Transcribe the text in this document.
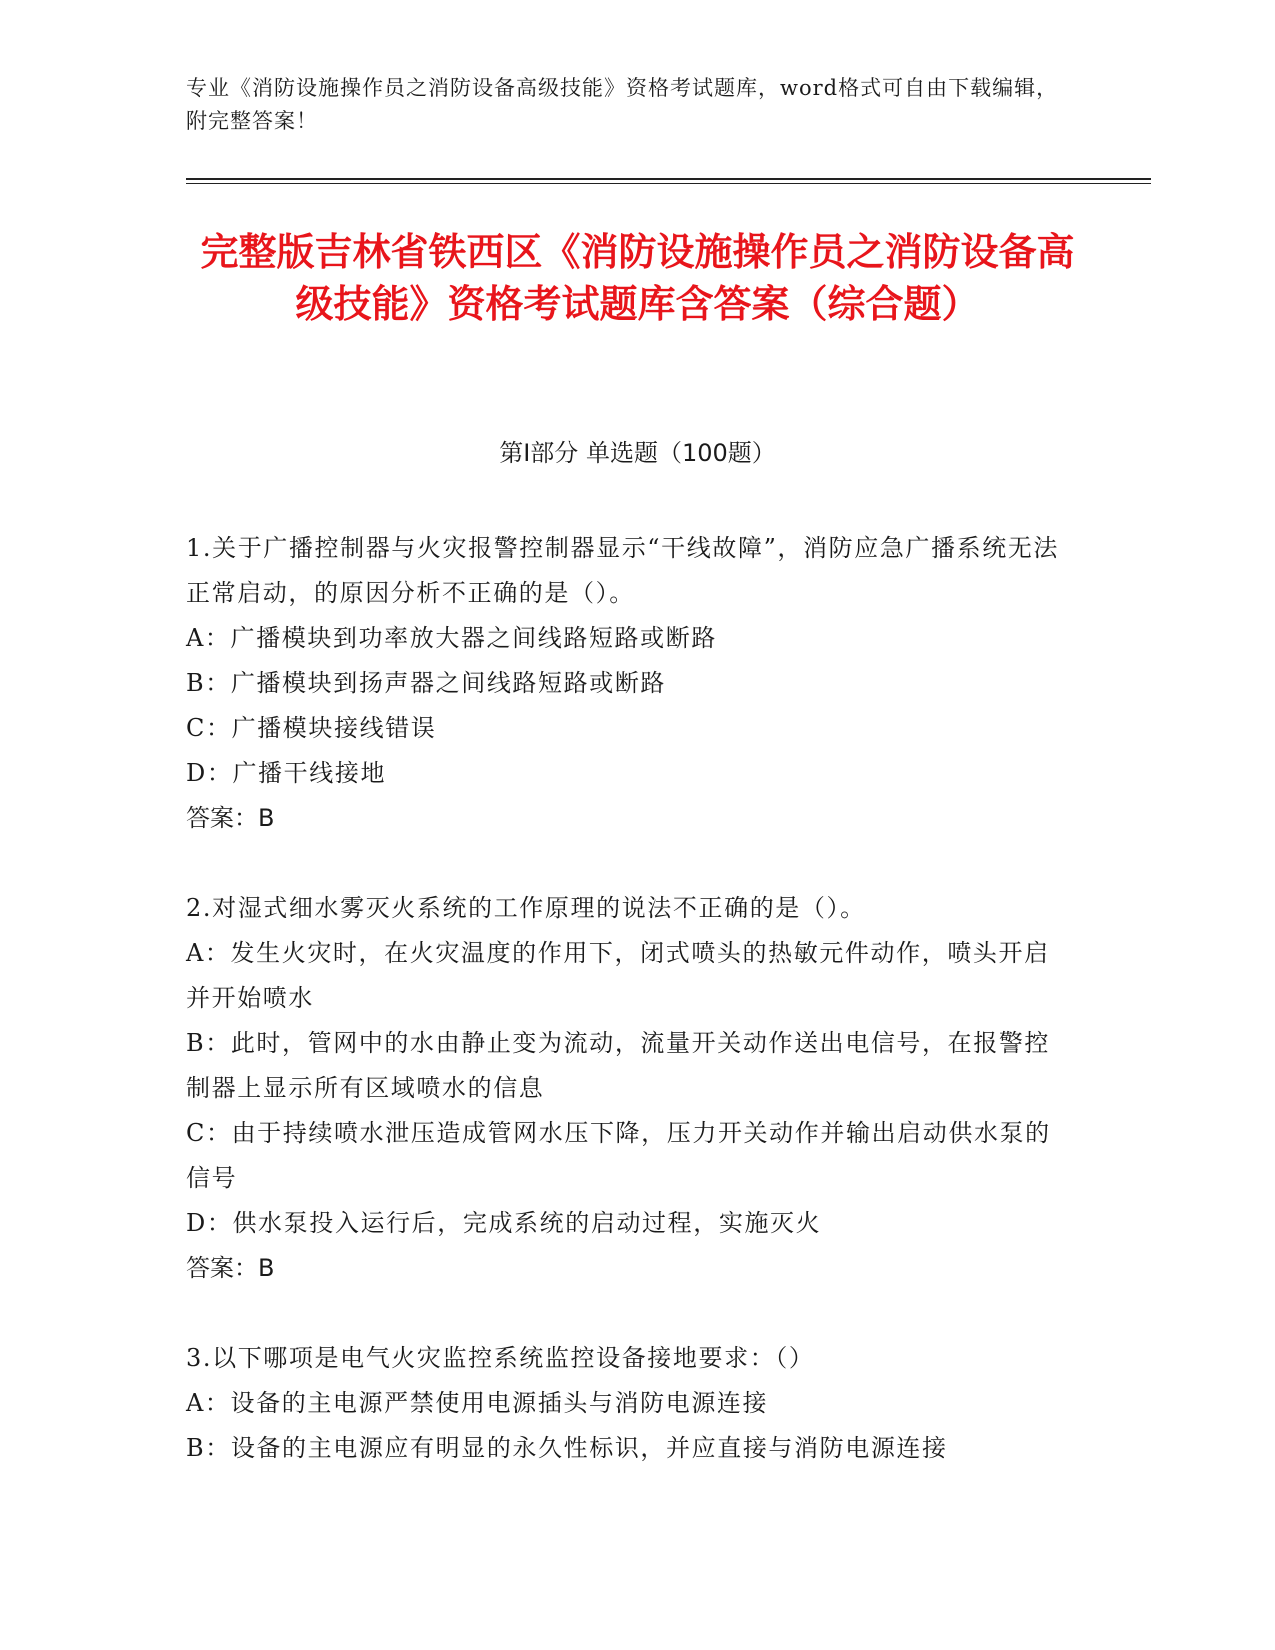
专业《消防设施操作员之消防设备高级技能》资格考试题库，word格式可自由下载编辑，附完整答案！
完整版吉林省铁西区《消防设施操作员之消防设备高级技能》资格考试题库含答案（综合题）
第Ⅰ部分 单选题（100题）
1.关于广播控制器与火灾报警控制器显示“干线故障”，消防应急广播系统无法正常启动，的原因分析不正确的是（）。
A：广播模块到功率放大器之间线路短路或断路
B：广播模块到扬声器之间线路短路或断路
C：广播模块接线错误
D：广播干线接地
答案：B
2.对湿式细水雾灭火系统的工作原理的说法不正确的是（）。
A：发生火灾时，在火灾温度的作用下，闭式喷头的热敏元件动作，喷头开启并开始喷水
B：此时，管网中的水由静止变为流动，流量开关动作送出电信号，在报警控制器上显示所有区域喷水的信息
C：由于持续喷水泄压造成管网水压下降，压力开关动作并输出启动供水泵的信号
D：供水泵投入运行后，完成系统的启动过程，实施灭火
答案：B
3.以下哪项是电气火灾监控系统监控设备接地要求：（）
A：设备的主电源严禁使用电源插头与消防电源连接
B：设备的主电源应有明显的永久性标识，并应直接与消防电源连接
